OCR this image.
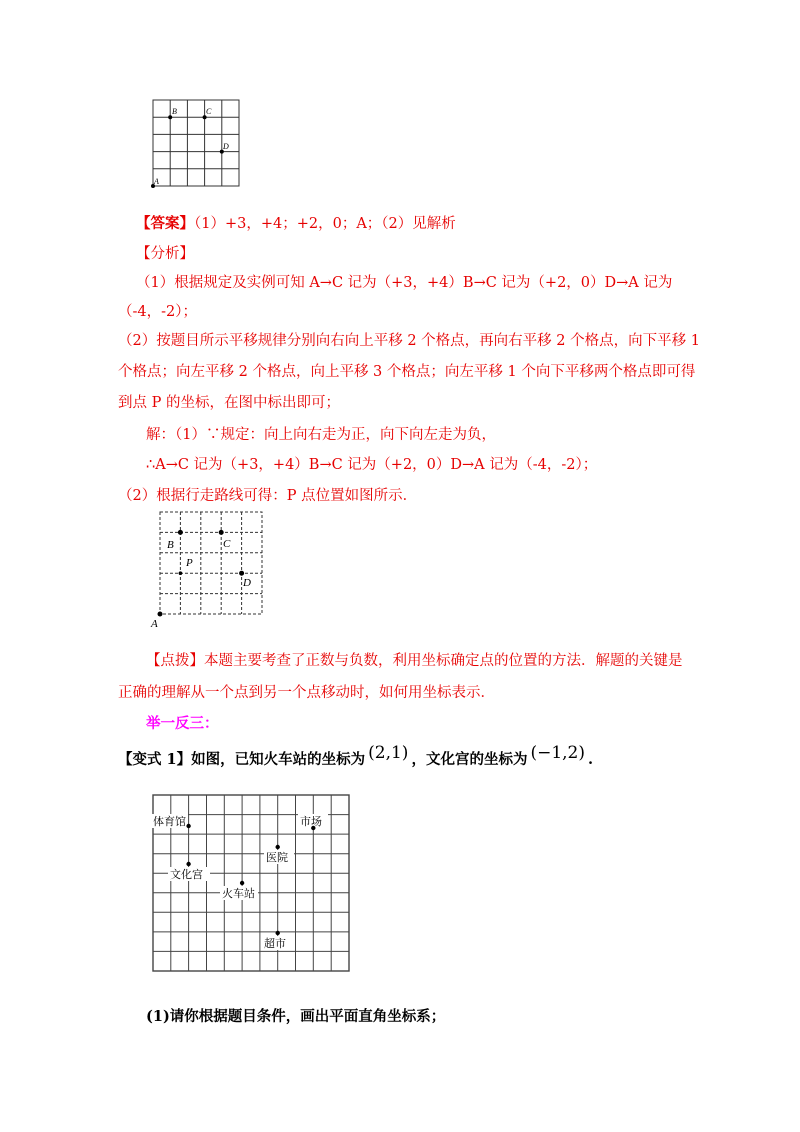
A
B	C
D
【答案】（1）+3，+4；+2，0；A；（2）见解析
【分析】
（1）根据规定及实例可知 A→C 记为（+3，+4）B→C 记为（+2，0）D→A 记为
（-4，-2）；
（2）按题目所示平移规律分别向右向上平移 2 个格点，再向右平移 2 个格点，向下平移 1
个格点；向左平移 2 个格点，向上平移 3 个格点；向左平移 1 个向下平移两个格点即可得
到点 P 的坐标，在图中标出即可；
解：（1）∵规定：向上向右走为正，向下向左走为负，
∴A→C 记为（+3，+4）B→C 记为（+2，0）D→A 记为（-4，-2）；
（2）根据行走路线可得：P 点位置如图所示．
A
B	C
D
P
【点拨】本题主要考查了正数与负数，利用坐标确定点的位置的方法．解题的关键是
正确的理解从一个点到另一个点移动时，如何用坐标表示．
举一反三：
【变式 1】如图，已知火车站的坐标为 (2,1) ，文化宫的坐标为 (−1,2) .
体育馆	市场
医院
文化宫
火车站
超市
(1)请你根据题目条件，画出平面直角坐标系；
